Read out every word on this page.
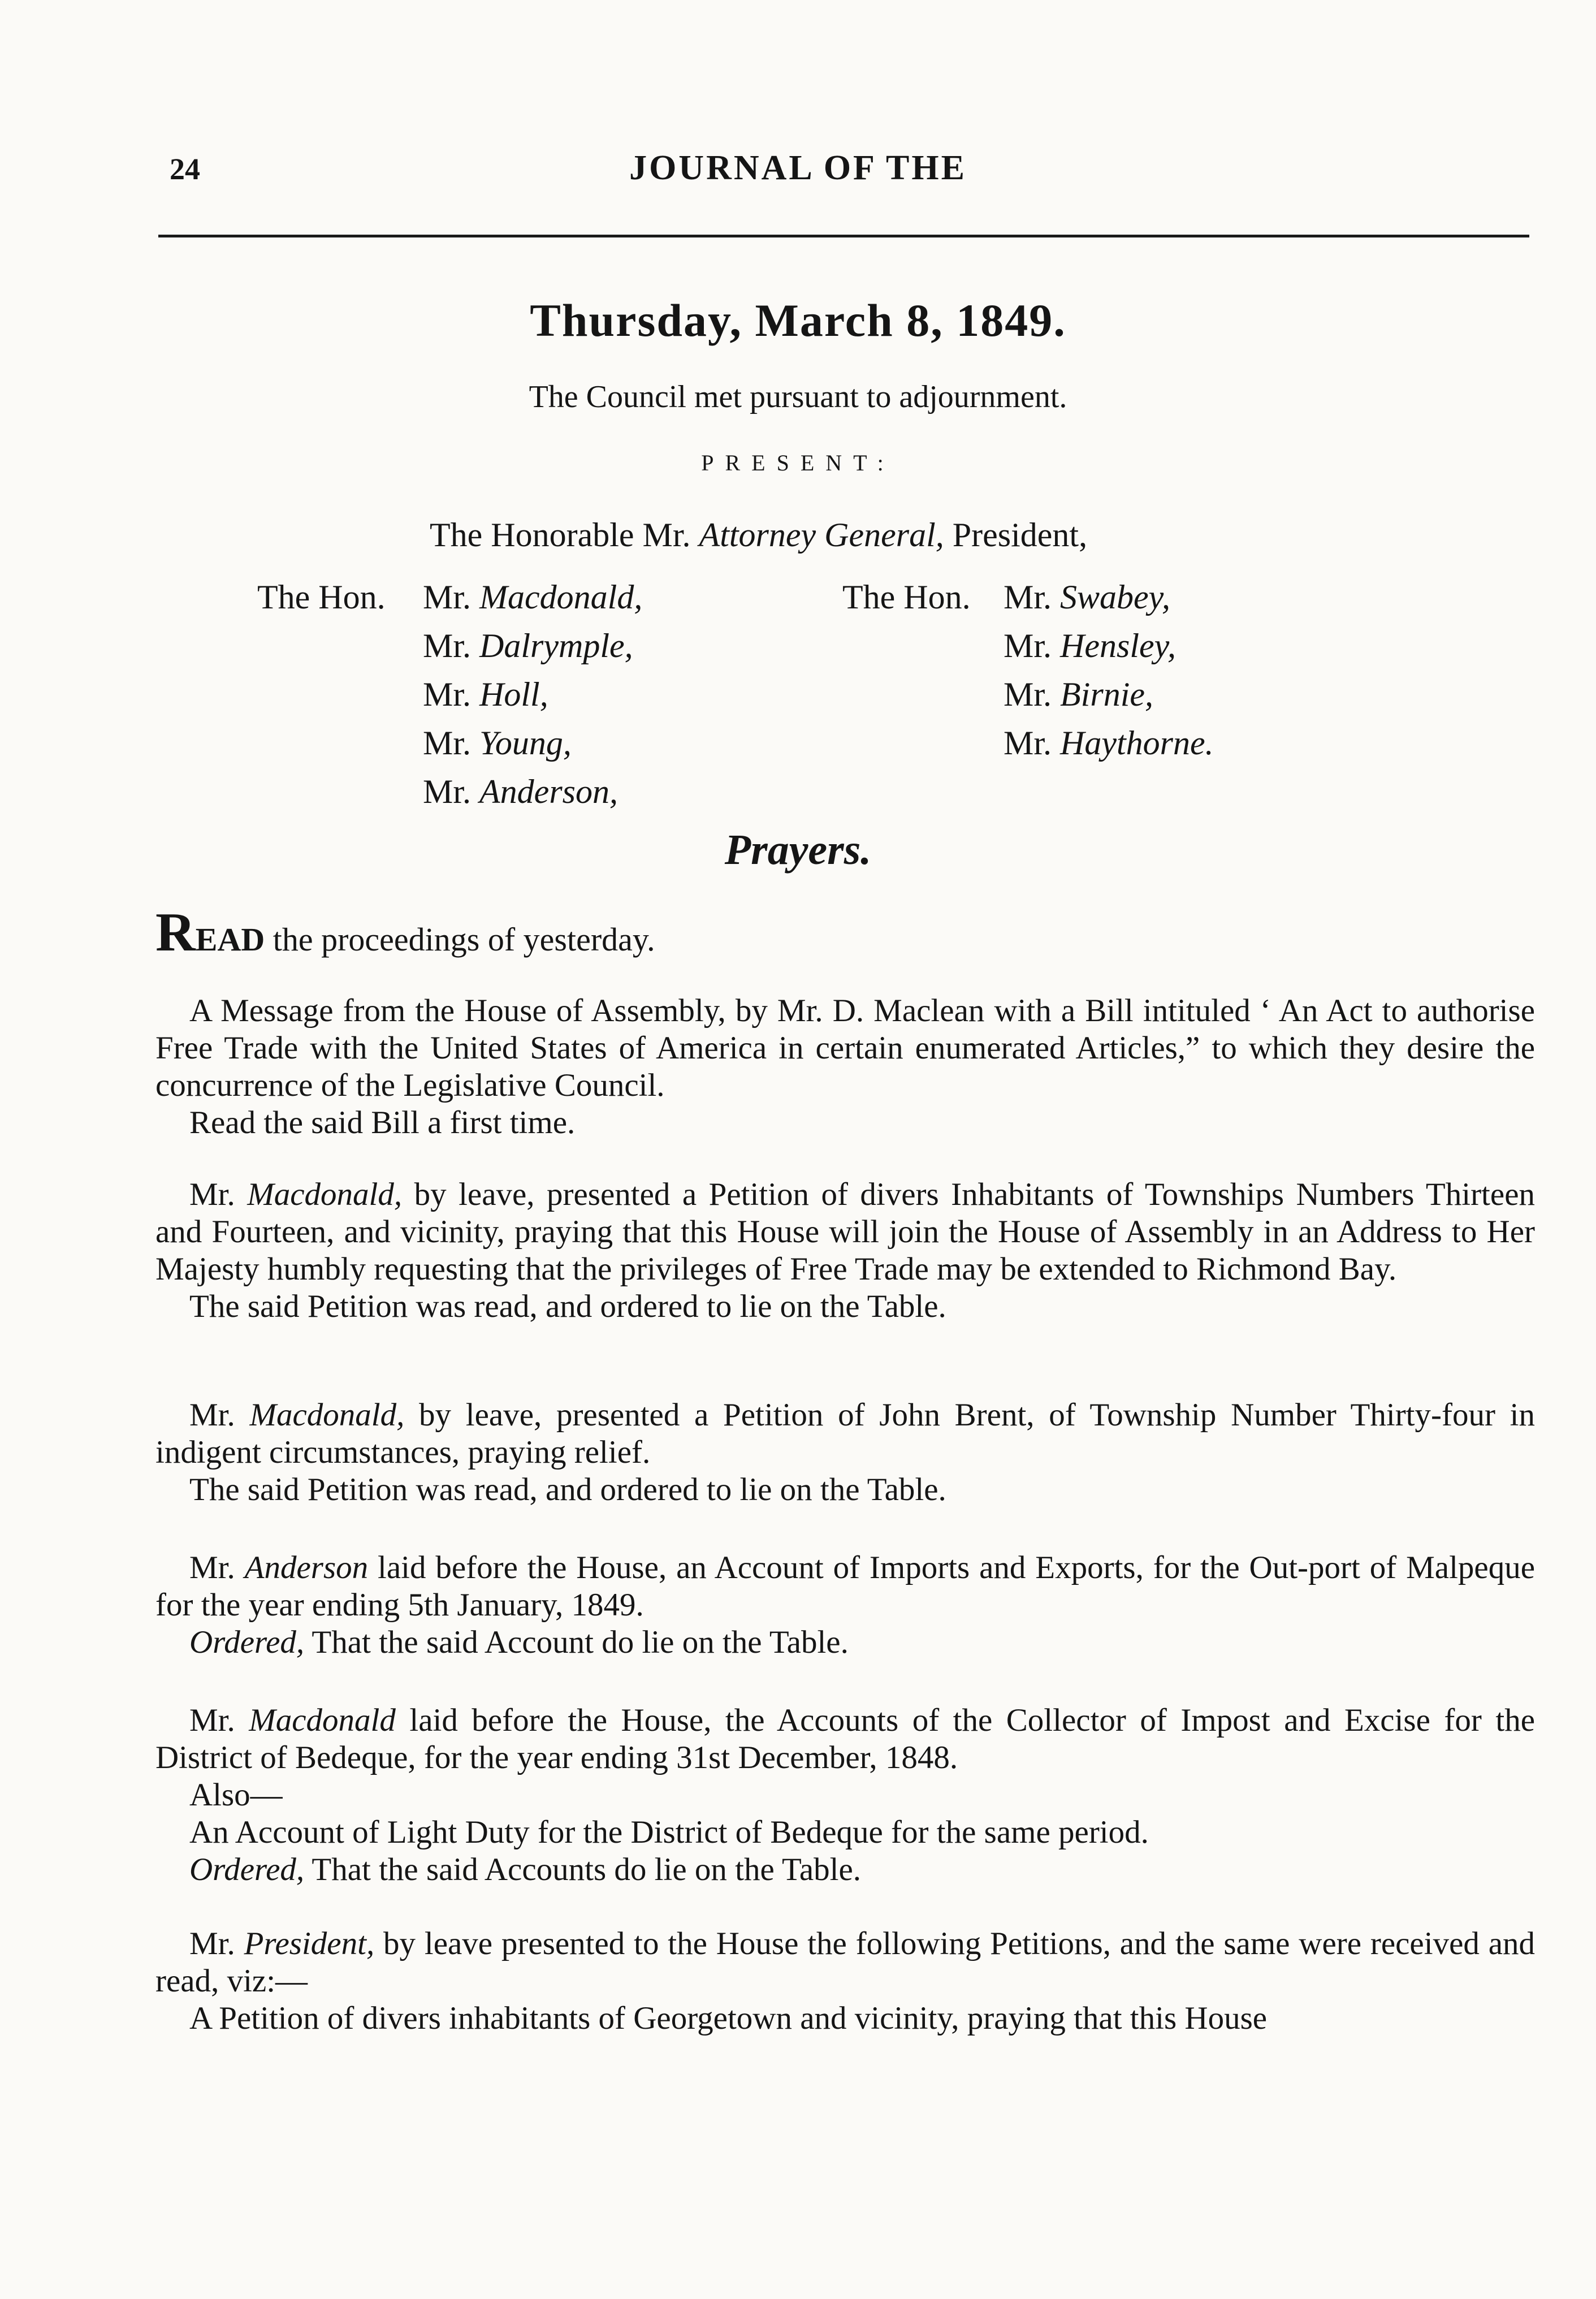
24	JOURNAL OF THE
Thursday, March 8, 1849.
The Council met pursuant to adjournment.
PRESENT:
The Honorable Mr. Attorney General, President,
The Hon. Mr. Macdonald,
Mr. Dalrymple,
Mr. Holl,
Mr. Young,
Mr. Anderson,
The Hon. Mr. Swabey,
Mr. Hensley,
Mr. Birnie,
Mr. Haythorne.
Prayers.
READ the proceedings of yesterday.

A Message from the House of Assembly, by Mr. D. Maclean with a Bill intituled ‘ An Act to authorise Free Trade with the United States of America in certain enumerated Articles,” to which they desire the concurrence of the Legislative Council.

Read the said Bill a first time.

Mr. Macdonald, by leave, presented a Petition of divers Inhabitants of Townships Numbers Thirteen and Fourteen, and vicinity, praying that this House will join the House of Assembly in an Address to Her Majesty humbly requesting that the privileges of Free Trade may be extended to Richmond Bay.

The said Petition was read, and ordered to lie on the Table.

Mr. Macdonald, by leave, presented a Petition of John Brent, of Township Number Thirty-four in indigent circumstances, praying relief.

The said Petition was read, and ordered to lie on the Table.

Mr. Anderson laid before the House, an Account of Imports and Exports, for the Out-port of Malpeque for the year ending 5th January, 1849.

Ordered, That the said Account do lie on the Table.

Mr. Macdonald laid before the House, the Accounts of the Collector of Impost and Excise for the District of Bedeque, for the year ending 31st December, 1848.

Also—

An Account of Light Duty for the District of Bedeque for the same period.

Ordered, That the said Accounts do lie on the Table.

Mr. President, by leave presented to the House the following Petitions, and the same were received and read, viz:—

A Petition of divers inhabitants of Georgetown and vicinity, praying that this House
